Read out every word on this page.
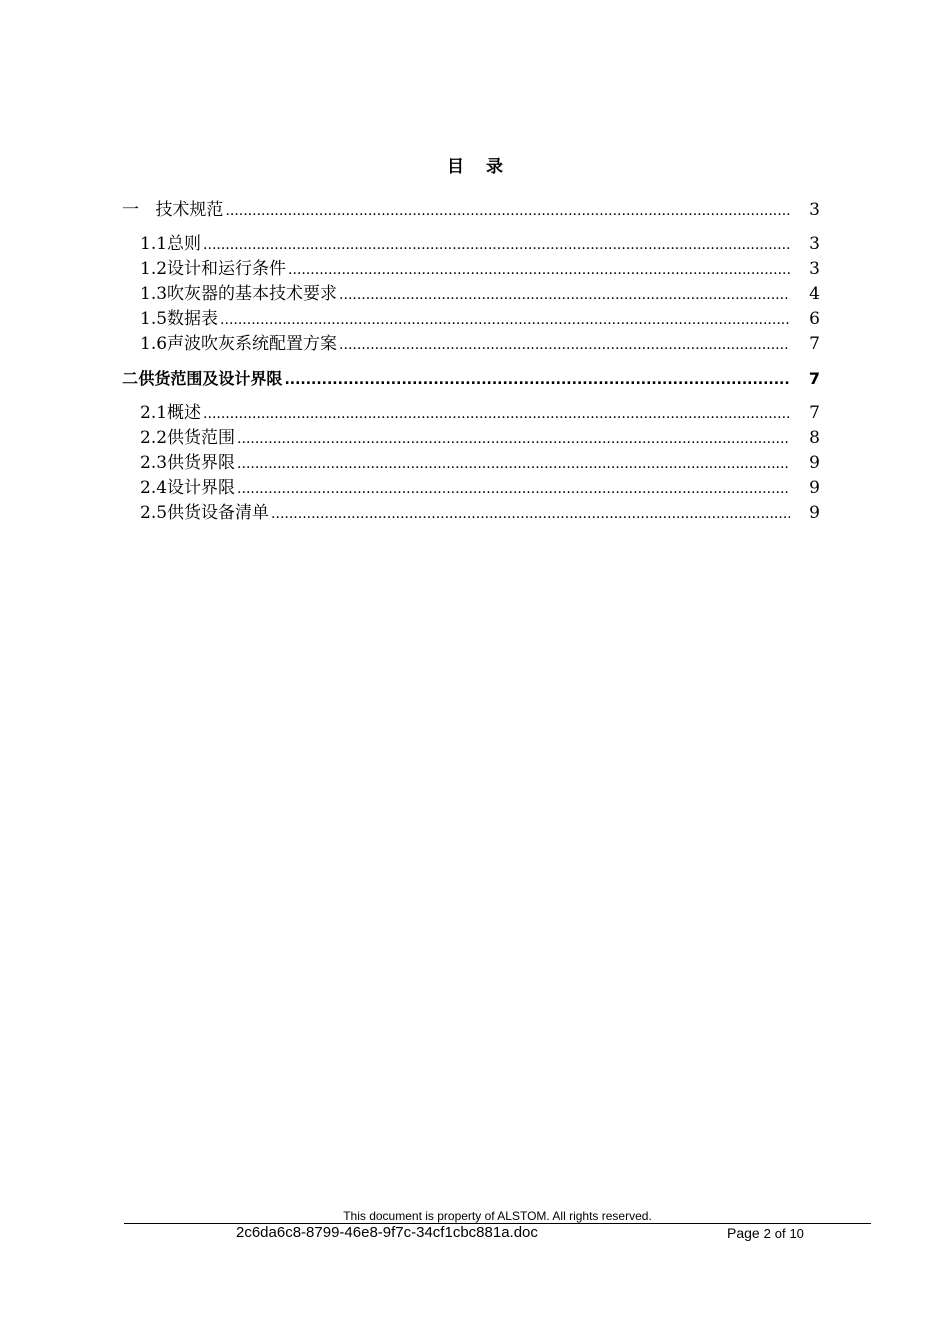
目 录
一 技术规范 .....	3
1.1 总则 .....	3
1.2 设计和运行条件 .....	3
1.3 吹灰器的基本技术要求 .....	4
1.5 数据表 .....	6
1.6 声波吹灰系统配置方案 .....	7
二 供货范围及设计界限 .....	7
2.1 概述 .....	7
2.2 供货范围 .....	8
2.3 供货界限 .....	9
2.4 设计界限 .....	9
2.5 供货设备清单 .....	9
This document is property of ALSTOM. All rights reserved.
2c6da6c8-8799-46e8-9f7c-34cf1cbc881a.doc	Page 2 of 10
